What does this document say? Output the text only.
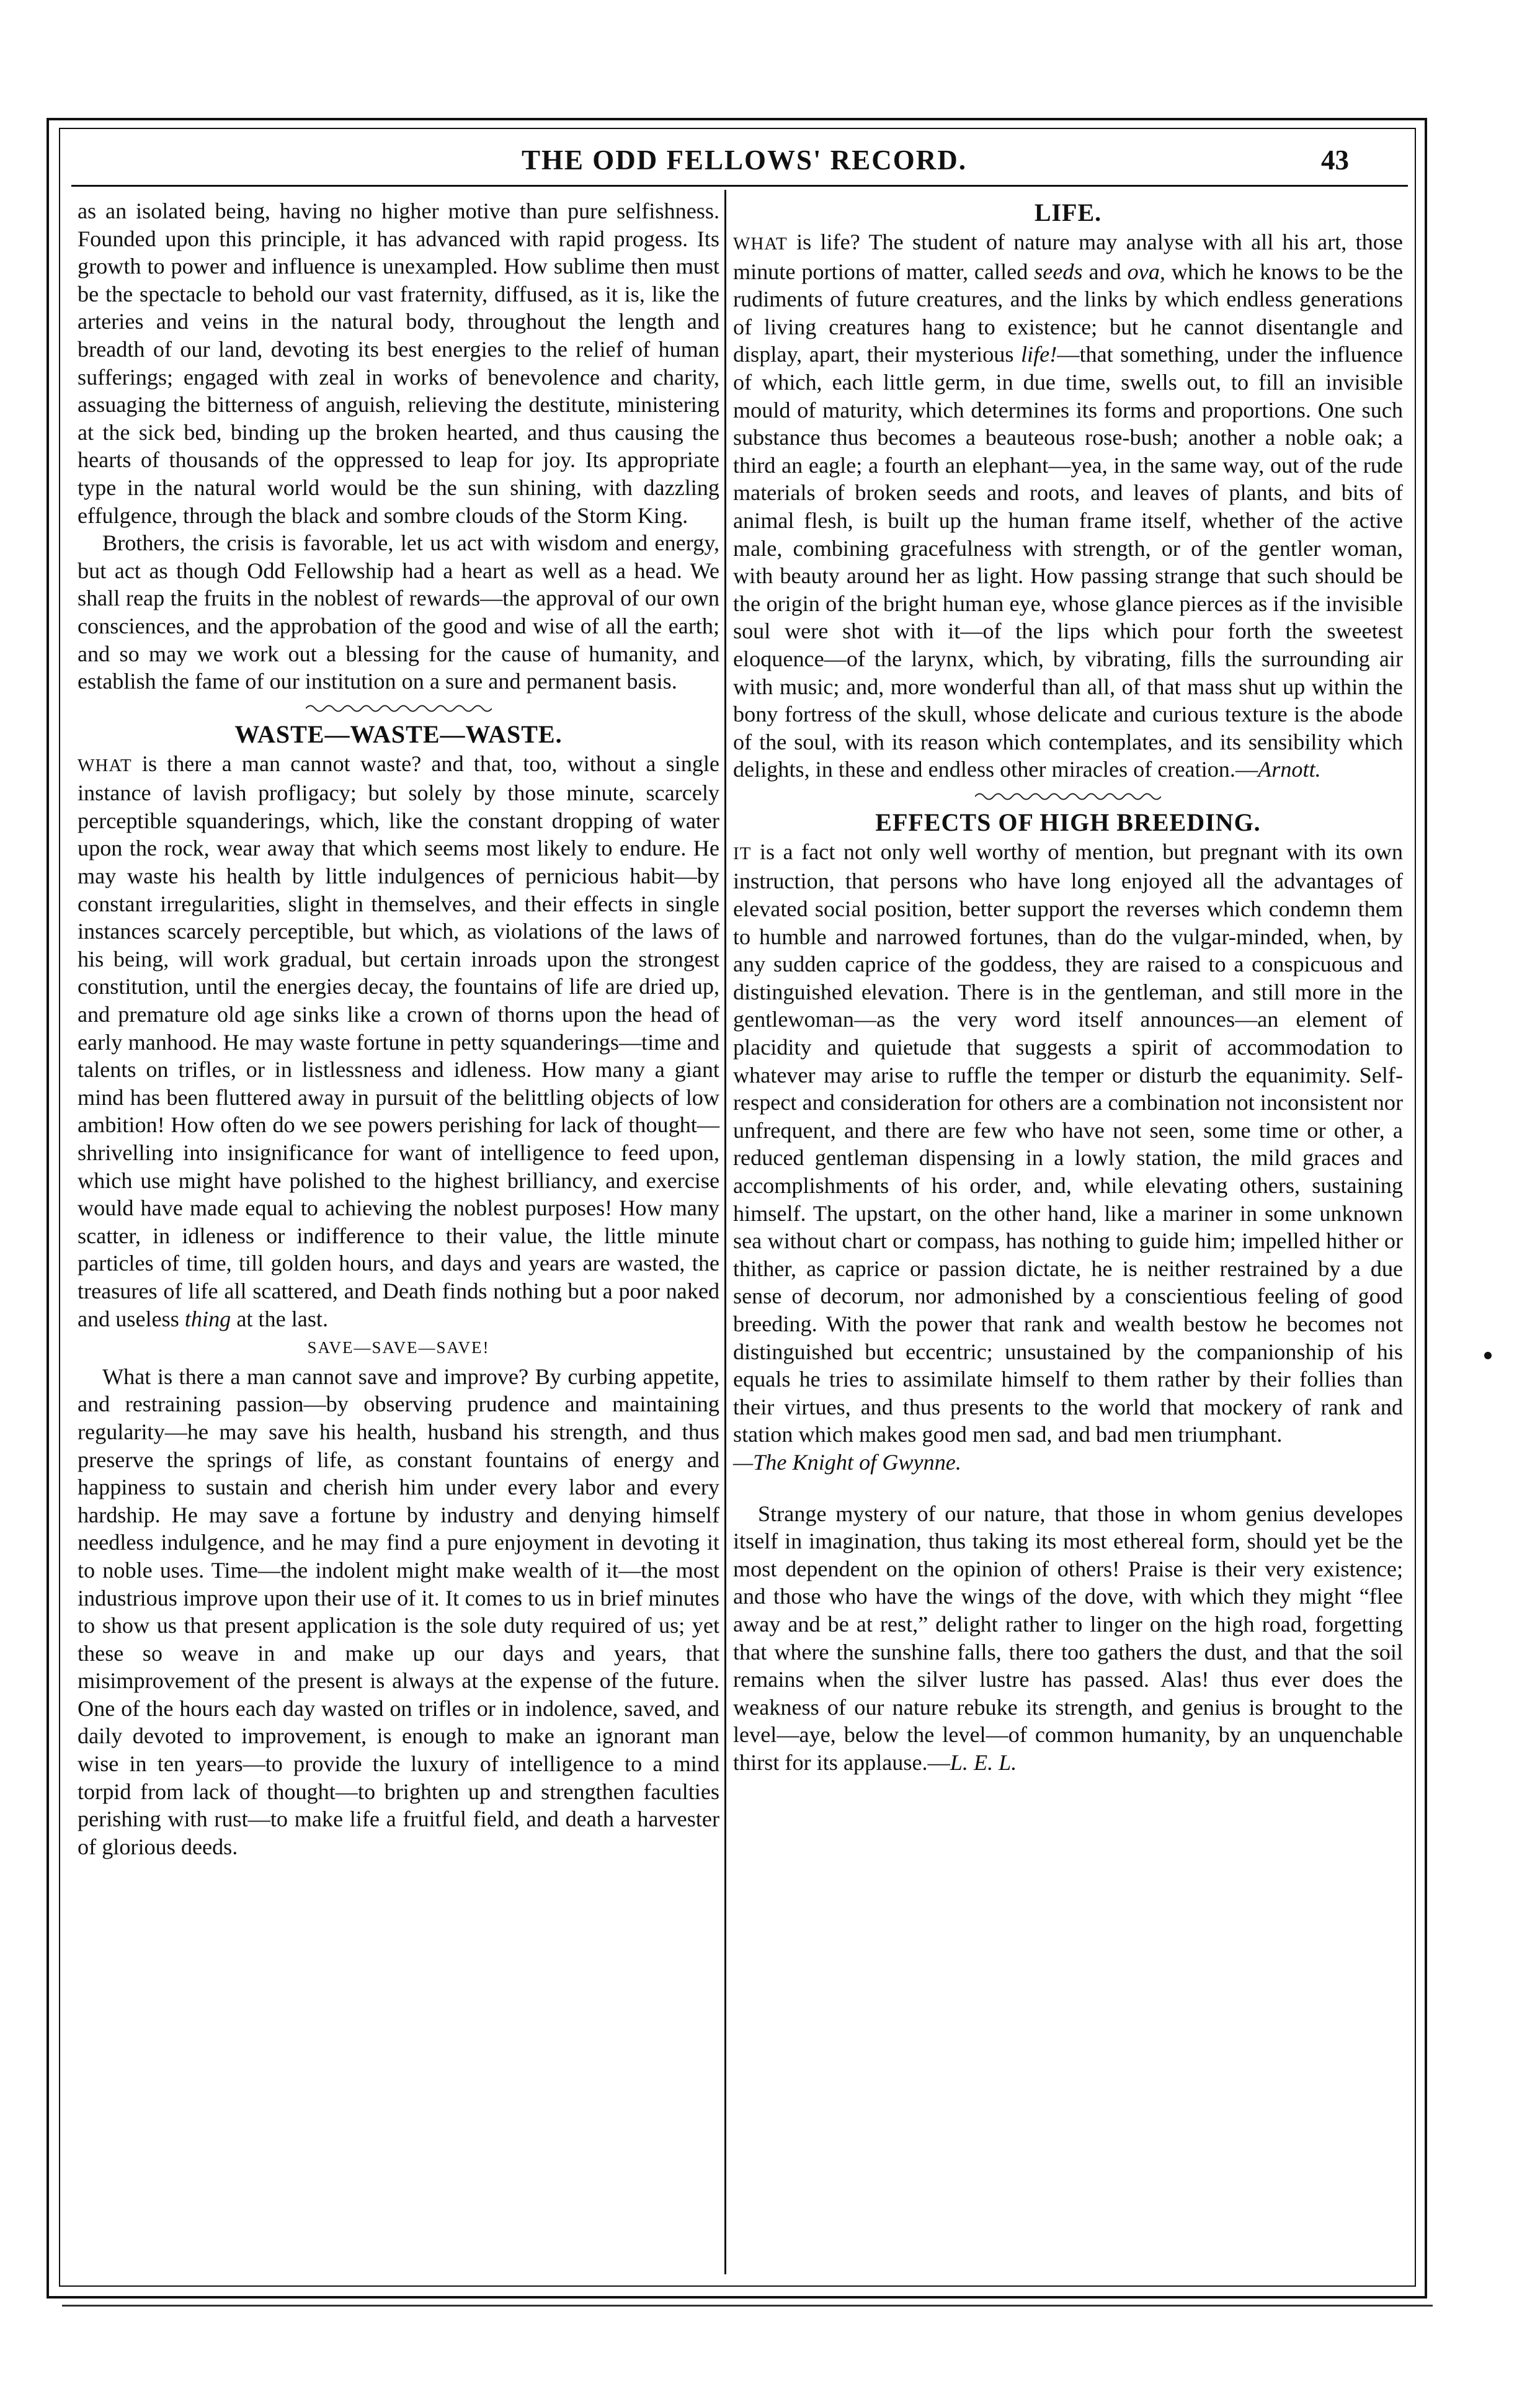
THE ODD FELLOWS' RECORD.	43

as an isolated being, having no higher motive than pure selfishness. Founded upon this principle, it has advanced with rapid progess. Its growth to power and influence is unexampled. How sublime then must be the spectacle to behold our vast fraternity, diffused, as it is, like the arteries and veins in the natural body, throughout the length and breadth of our land, devoting its best energies to the relief of human sufferings; engaged with zeal in works of benevolence and charity, assuaging the bitterness of anguish, relieving the destitute, ministering at the sick bed, binding up the broken hearted, and thus causing the hearts of thousands of the oppressed to leap for joy. Its appropriate type in the natural world would be the sun shining, with dazzling effulgence, through the black and sombre clouds of the Storm King.

Brothers, the crisis is favorable, let us act with wisdom and energy, but act as though Odd Fellowship had a heart as well as a head. We shall reap the fruits in the noblest of rewards—the approval of our own consciences, and the approbation of the good and wise of all the earth; and so may we work out a blessing for the cause of humanity, and establish the fame of our institution on a sure and permanent basis.

WASTE—WASTE—WASTE.

WHAT is there a man cannot waste? and that, too, without a single instance of lavish profligacy; but solely by those minute, scarcely perceptible squanderings, which, like the constant dropping of water upon the rock, wear away that which seems most likely to endure. He may waste his health by little indulgences of pernicious habit—by constant irregularities, slight in themselves, and their effects in single instances scarcely perceptible, but which, as violations of the laws of his being, will work gradual, but certain inroads upon the strongest constitution, until the energies decay, the fountains of life are dried up, and premature old age sinks like a crown of thorns upon the head of early manhood. He may waste fortune in petty squanderings—time and talents on trifles, or in listlessness and idleness. How many a giant mind has been fluttered away in pursuit of the belittling objects of low ambition! How often do we see powers perishing for lack of thought—shrivelling into insignificance for want of intelligence to feed upon, which use might have polished to the highest brilliancy, and exercise would have made equal to achieving the noblest purposes! How many scatter, in idleness or indifference to their value, the little minute particles of time, till golden hours, and days and years are wasted, the treasures of life all scattered, and Death finds nothing but a poor naked and useless thing at the last.

SAVE—SAVE—SAVE!

What is there a man cannot save and improve? By curbing appetite, and restraining passion—by observing prudence and maintaining regularity—he may save his health, husband his strength, and thus preserve the springs of life, as constant fountains of energy and happiness to sustain and cherish him under every labor and every hardship. He may save a fortune by industry and denying himself needless indulgence, and he may find a pure enjoyment in devoting it to noble uses. Time—the indolent might make wealth of it—the most industrious improve upon their use of it. It comes to us in brief minutes to show us that present application is the sole duty required of us; yet these so weave in and make up our days and years, that misimprovement of the present is always at the expense of the future. One of the hours each day wasted on trifles or in indolence, saved, and daily devoted to improvement, is enough to make an ignorant man wise in ten years—to provide the luxury of intelligence to a mind torpid from lack of thought—to brighten up and strengthen faculties perishing with rust—to make life a fruitful field, and death a harvester of glorious deeds.

LIFE.

WHAT is life? The student of nature may analyse with all his art, those minute portions of matter, called seeds and ova, which he knows to be the rudiments of future creatures, and the links by which endless generations of living creatures hang to existence; but he cannot disentangle and display, apart, their mysterious life!—that something, under the influence of which, each little germ, in due time, swells out, to fill an invisible mould of maturity, which determines its forms and proportions. One such substance thus becomes a beauteous rose-bush; another a noble oak; a third an eagle; a fourth an elephant—yea, in the same way, out of the rude materials of broken seeds and roots, and leaves of plants, and bits of animal flesh, is built up the human frame itself, whether of the active male, combining gracefulness with strength, or of the gentler woman, with beauty around her as light. How passing strange that such should be the origin of the bright human eye, whose glance pierces as if the invisible soul were shot with it—of the lips which pour forth the sweetest eloquence—of the larynx, which, by vibrating, fills the surrounding air with music; and, more wonderful than all, of that mass shut up within the bony fortress of the skull, whose delicate and curious texture is the abode of the soul, with its reason which contemplates, and its sensibility which delights, in these and endless other miracles of creation.—Arnott.

EFFECTS OF HIGH BREEDING.

IT is a fact not only well worthy of mention, but pregnant with its own instruction, that persons who have long enjoyed all the advantages of elevated social position, better support the reverses which condemn them to humble and narrowed fortunes, than do the vulgar-minded, when, by any sudden caprice of the goddess, they are raised to a conspicuous and distinguished elevation. There is in the gentleman, and still more in the gentlewoman—as the very word itself announces—an element of placidity and quietude that suggests a spirit of accommodation to whatever may arise to ruffle the temper or disturb the equanimity. Self-respect and consideration for others are a combination not inconsistent nor unfrequent, and there are few who have not seen, some time or other, a reduced gentleman dispensing in a lowly station, the mild graces and accomplishments of his order, and, while elevating others, sustaining himself. The upstart, on the other hand, like a mariner in some unknown sea without chart or compass, has nothing to guide him; impelled hither or thither, as caprice or passion dictate, he is neither restrained by a due sense of decorum, nor admonished by a conscientious feeling of good breeding. With the power that rank and wealth bestow he becomes not distinguished but eccentric; unsustained by the companionship of his equals he tries to assimilate himself to them rather by their follies than their virtues, and thus presents to the world that mockery of rank and station which makes good men sad, and bad men triumphant.
—The Knight of Gwynne.

Strange mystery of our nature, that those in whom genius developes itself in imagination, thus taking its most ethereal form, should yet be the most dependent on the opinion of others! Praise is their very existence; and those who have the wings of the dove, with which they might “flee away and be at rest,” delight rather to linger on the high road, forgetting that where the sunshine falls, there too gathers the dust, and that the soil remains when the silver lustre has passed. Alas! thus ever does the weakness of our nature rebuke its strength, and genius is brought to the level—aye, below the level—of common humanity, by an unquenchable thirst for its applause.—L. E. L.
